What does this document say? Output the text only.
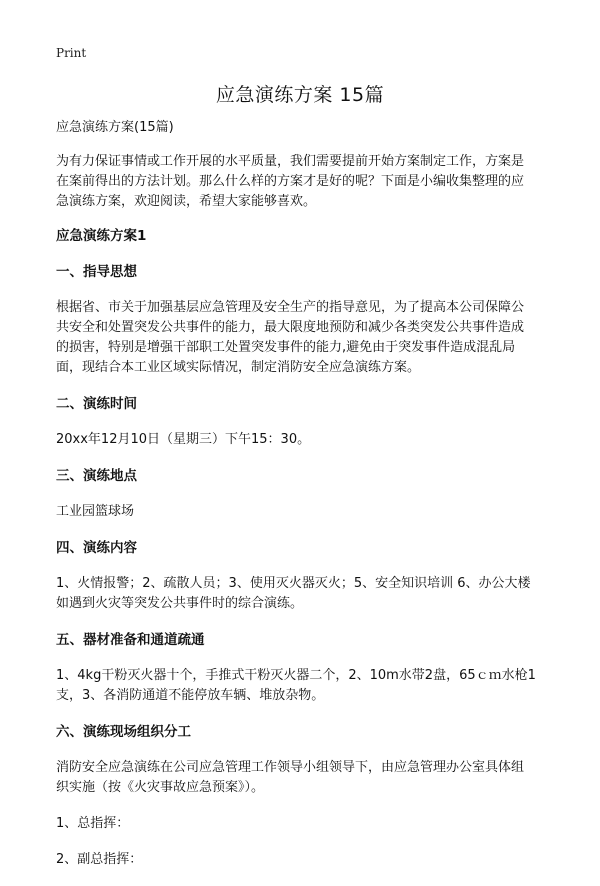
Print
应急演练方案 15篇

应急演练方案(15篇)

为有力保证事情或工作开展的水平质量，我们需要提前开始方案制定工作，方案是
在案前得出的方法计划。那么什么样的方案才是好的呢？下面是小编收集整理的应
急演练方案，欢迎阅读，希望大家能够喜欢。

应急演练方案1

一、指导思想

根据省、市关于加强基层应急管理及安全生产的指导意见，为了提高本公司保障公
共安全和处置突发公共事件的能力，最大限度地预防和减少各类突发公共事件造成
的损害，特别是增强干部职工处置突发事件的能力,避免由于突发事件造成混乱局
面，现结合本工业区域实际情况，制定消防安全应急演练方案。

二、演练时间

20xx年12月10日（星期三）下午15：30。

三、演练地点

工业园篮球场

四、演练内容

1、火情报警；2、疏散人员；3、使用灭火器灭火；5、安全知识培训 6、办公大楼
如遇到火灾等突发公共事件时的综合演练。

五、器材准备和通道疏通

1、4kg干粉灭火器十个，手推式干粉灭火器二个，2、10m水带2盘，65ｃｍ水枪1
支，3、各消防通道不能停放车辆、堆放杂物。

六、演练现场组织分工

消防安全应急演练在公司应急管理工作领导小组领导下，由应急管理办公室具体组
织实施（按《火灾事故应急预案》）。

1、总指挥：

2、副总指挥：
